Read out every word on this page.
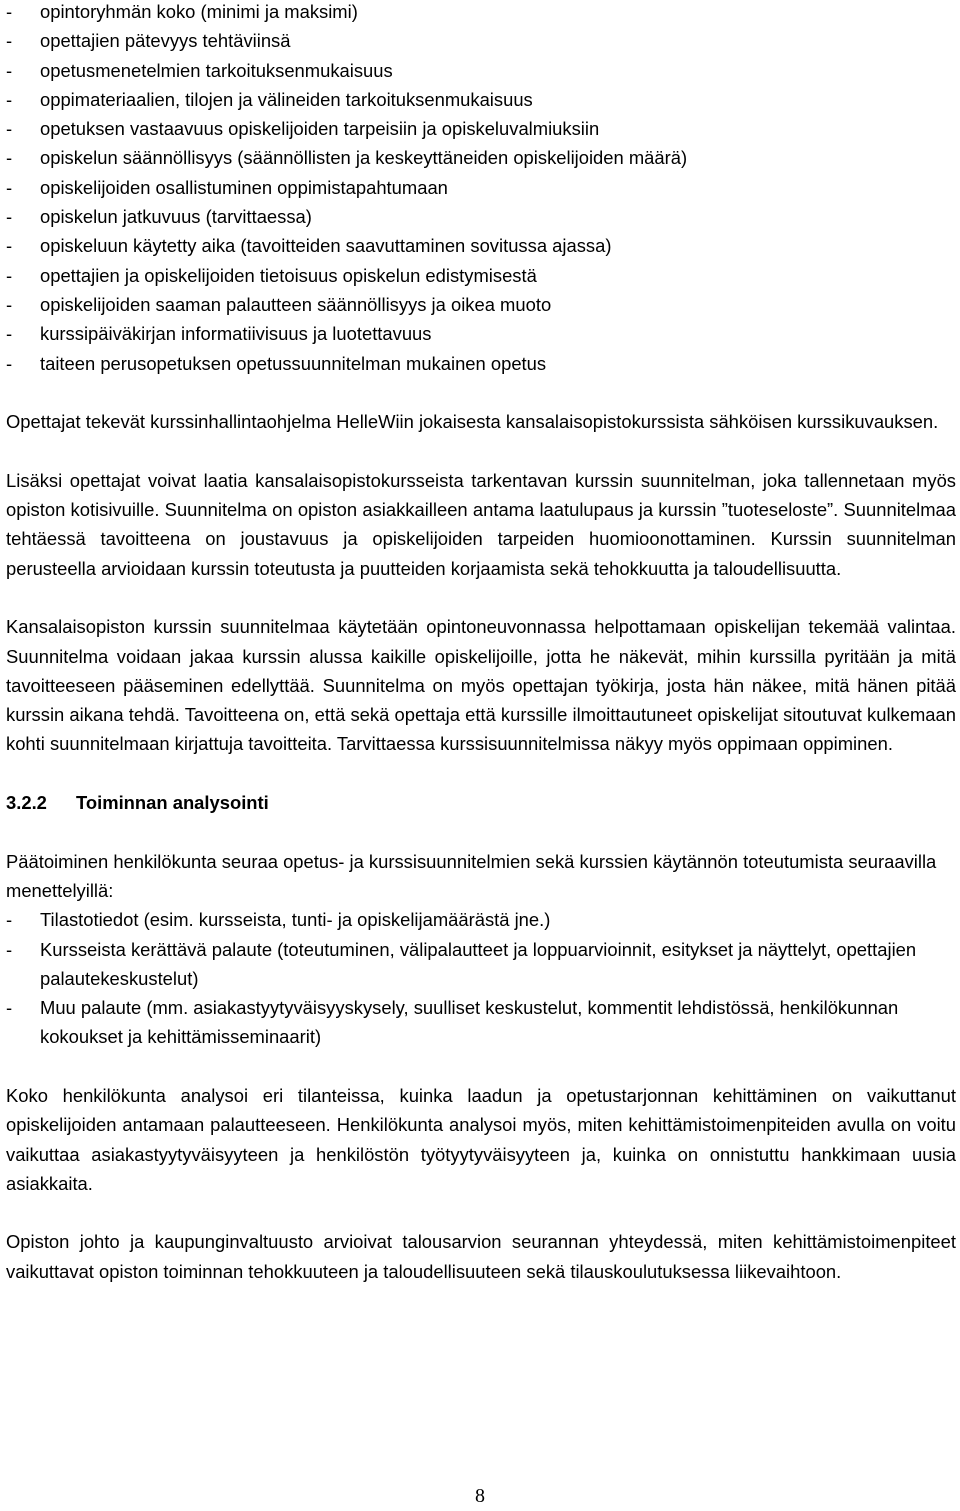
- opintoryhmän koko (minimi ja maksimi)
- opettajien pätevyys tehtäviinsä
- opetusmenetelmien tarkoituksenmukaisuus
- oppimateriaalien, tilojen ja välineiden tarkoituksenmukaisuus
- opetuksen vastaavuus opiskelijoiden tarpeisiin ja opiskeluvalmiuksiin
- opiskelun säännöllisyys (säännöllisten ja keskeyttäneiden opiskelijoiden määrä)
- opiskelijoiden osallistuminen oppimistapahtumaan
- opiskelun jatkuvuus (tarvittaessa)
- opiskeluun käytetty aika (tavoitteiden saavuttaminen sovitussa ajassa)
- opettajien ja opiskelijoiden tietoisuus opiskelun edistymisestä
- opiskelijoiden saaman palautteen säännöllisyys ja oikea muoto
- kurssipäiväkirjan informatiivisuus ja luotettavuus
- taiteen perusopetuksen opetussuunnitelman mukainen opetus

Opettajat tekevät kurssinhallintaohjelma HelleWiin jokaisesta kansalaisopistokurssista sähköisen kurssikuvauksen.

Lisäksi opettajat voivat laatia kansalaisopistokursseista tarkentavan kurssin suunnitelman, joka tallennetaan myös opiston kotisivuille. Suunnitelma on opiston asiakkailleen antama laatulupaus ja kurssin ”tuoteseloste”. Suunnitelmaa tehtäessä tavoitteena on joustavuus ja opiskelijoiden tarpeiden huomioonottaminen. Kurssin suunnitelman perusteella arvioidaan kurssin toteutusta ja puutteiden korjaamista sekä tehokkuutta ja taloudellisuutta.

Kansalaisopiston kurssin suunnitelmaa käytetään opintoneuvonnassa helpottamaan opiskelijan tekemää valintaa. Suunnitelma voidaan jakaa kurssin alussa kaikille opiskelijoille, jotta he näkevät, mihin kurssilla pyritään ja mitä tavoitteeseen pääseminen edellyttää. Suunnitelma on myös opettajan työkirja, josta hän näkee, mitä hänen pitää kurssin aikana tehdä. Tavoitteena on, että sekä opettaja että kurssille ilmoittautuneet opiskelijat sitoutuvat kulkemaan kohti suunnitelmaan kirjattuja tavoitteita. Tarvittaessa kurssisuunnitelmissa näkyy myös oppimaan oppiminen.

3.2.2 Toiminnan analysointi

Päätoiminen henkilökunta seuraa opetus- ja kurssisuunnitelmien sekä kurssien käytännön toteutumista seuraavilla menettelyillä:

- Tilastotiedot (esim. kursseista, tunti- ja opiskelijamäärästä jne.)
- Kursseista kerättävä palaute (toteutuminen, välipalautteet ja loppuarvioinnit, esitykset ja näyttelyt, opettajien palautekeskustelut)
- Muu palaute (mm. asiakastyytyväisyyskysely, suulliset keskustelut, kommentit lehdistössä, henkilökunnan kokoukset ja kehittämisseminaarit)

Koko henkilökunta analysoi eri tilanteissa, kuinka laadun ja opetustarjonnan kehittäminen on vaikuttanut opiskelijoiden antamaan palautteeseen. Henkilökunta analysoi myös, miten kehittämistoimenpiteiden avulla on voitu vaikuttaa asiakastyytyväisyyteen ja henkilöstön työtyytyväisyyteen ja, kuinka on onnistuttu hankkimaan uusia asiakkaita.

Opiston johto ja kaupunginvaltuusto arvioivat talousarvion seurannan yhteydessä, miten kehittämistoimenpiteet vaikuttavat opiston toiminnan tehokkuuteen ja taloudellisuuteen sekä tilauskoulutuksessa liikevaihtoon.

8
